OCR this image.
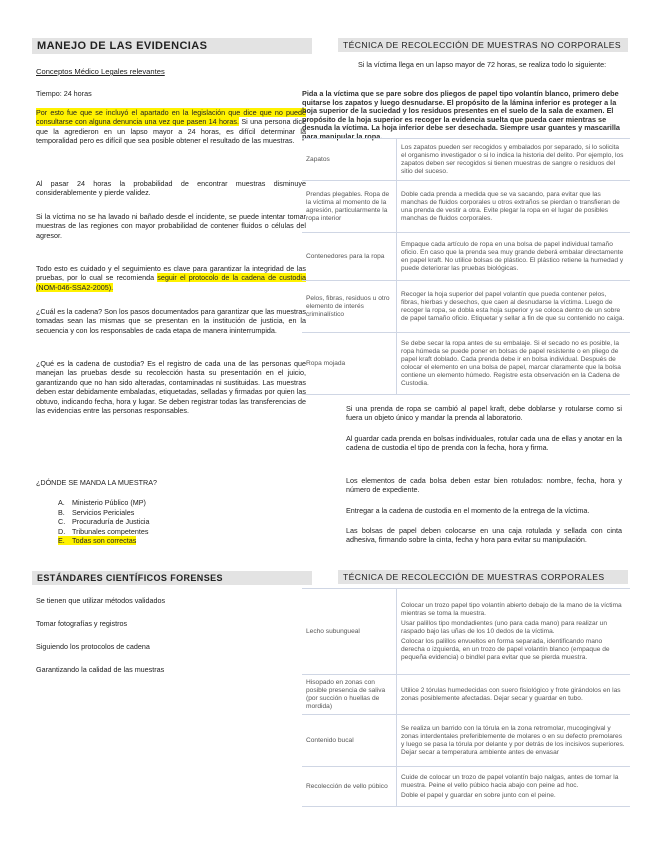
MANEJO DE LAS EVIDENCIAS
Conceptos Médico Legales relevantes
Tiempo: 24 horas
Por esto fue que se incluyó el apartado en la legislación que dice que no puede consultarse con alguna denuncia una vez que pasen 14 horas. Si una persona dice que la agredieron en un lapso mayor a 24 horas, es difícil determinar la temporalidad pero es difícil que sea posible obtener el resultado de las muestras.
Al pasar 24 horas la probabilidad de encontrar muestras disminuye considerablemente y pierde validez.
Si la víctima no se ha lavado ni bañado desde el incidente, se puede intentar tomar muestras de las regiones con mayor probabilidad de contener fluidos o células del agresor.
Todo esto es cuidado y el seguimiento es clave para garantizar la integridad de las pruebas, por lo cual se recomienda seguir el protocolo de la cadena de custodia (NOM-046-SSA2-2005).
¿Cuál es la cadena? Son los pasos documentados para garantizar que las muestras tomadas sean las mismas que se presentan en la institución de justicia, en la secuencia y con los responsables de cada etapa de manera ininterrumpida.
¿Qué es la cadena de custodia? Es el registro de cada una de las personas que manejan las pruebas desde su recolección hasta su presentación en el juicio, garantizando que no han sido alteradas, contaminadas ni sustituidas. Las muestras deben estar debidamente embaladas, etiquetadas, selladas y firmadas por quien las obtuvo, indicando fecha, hora y lugar. Se deben registrar todas las transferencias de las evidencias entre las personas responsables.
¿DÓNDE SE MANDA LA MUESTRA?
A. Ministerio Público (MP)
B. Servicios Periciales
C. Procuraduría de Justicia
D. Tribunales competentes
E. Todas son correctas
ESTÁNDARES CIENTÍFICOS FORENSES
Se tienen que utilizar métodos validados
Tomar fotografías y registros
Siguiendo los protocolos de cadena
Garantizando la calidad de las muestras
TÉCNICA DE RECOLECCIÓN DE MUESTRAS NO CORPORALES
Si la víctima llega en un lapso mayor de 72 horas, se realiza todo lo siguiente:
Pida a la víctima que se pare sobre dos pliegos de papel tipo volantín blanco, primero debe quitarse los zapatos y luego desnudarse. El propósito de la lámina inferior es proteger a la hoja superior de la suciedad y los residuos presentes en el suelo de la sala de examen. El propósito de la hoja superior es recoger la evidencia suelta que pueda caer mientras se desnuda la víctima. La hoja inferior debe ser desechada. Siempre usar guantes y mascarilla para manipular la ropa.
Zapatos	Los zapatos pueden ser recogidos y embalados por separado, si lo solicita el organismo investigador o si lo indica la historia del delito. Por ejemplo, los zapatos deben ser recogidos si tienen muestras de sangre o residuos del sitio del suceso.

Prendas plegables. Ropa de la víctima al momento de la agresión, particularmente la ropa interior	Doble cada prenda a medida que se va sacando, para evitar que las manchas de fluidos corporales u otros extraños se pierdan o transfieran de una prenda de vestir a otra. Evite plegar la ropa en el lugar de posibles manchas de fluidos corporales.

Contenedores para la ropa	Empaque cada artículo de ropa en una bolsa de papel individual tamaño oficio. En caso que la prenda sea muy grande deberá embalar directamente en papel kraft. No utilice bolsas de plástico. El plástico retiene la humedad y puede deteriorar las pruebas biológicas.

Pelos, fibras, residuos u otro elemento de interés criminalístico	Recoger la hoja superior del papel volantín que pueda contener pelos, fibras, hierbas y desechos, que caen al desnudarse la víctima. Luego de recoger la ropa, se dobla esta hoja superior y se coloca dentro de un sobre de papel tamaño oficio. Etiquetar y sellar a fin de que su contenido no caiga.

Ropa mojada	Se debe secar la ropa antes de su embalaje. Si el secado no es posible, la ropa húmeda se puede poner en bolsas de papel resistente o en pliego de papel kraft doblado. Cada prenda debe ir en bolsa individual. Después de colocar el elemento en una bolsa de papel, marcar claramente que la bolsa contiene un elemento húmedo. Registre esta observación en la Cadena de Custodia.

Si una prenda de ropa se cambió al papel kraft, debe doblarse y rotularse como si fuera un objeto único y mandar la prenda al laboratorio.
Al guardar cada prenda en bolsas individuales, rotular cada una de ellas y anotar en la cadena de custodia el tipo de prenda con la fecha, hora y firma.
Los elementos de cada bolsa deben estar bien rotulados: nombre, fecha, hora y número de expediente.
Entregar a la cadena de custodia en el momento de la entrega de la víctima.
Las bolsas de papel deben colocarse en una caja rotulada y sellada con cinta adhesiva, firmando sobre la cinta, fecha y hora para evitar su manipulación.
TÉCNICA DE RECOLECCIÓN DE MUESTRAS CORPORALES
Lecho subungueal	Colocar un trozo papel tipo volantín abierto debajo de la mano de la víctima mientras se toma la muestra.

Usar palillos tipo mondadientes (uno para cada mano) para realizar un raspado bajo las uñas de los 10 dedos de la víctima.

Colocar los palillos envueltos en forma separada, identificando mano derecha o izquierda, en un trozo de papel volantín blanco (empaque de pequeña evidencia) o bindlel para evitar que se pierda muestra.

Hisopado en zonas con posible presencia de saliva (por succión o huellas de mordida)	Utilice 2 tórulas humedecidas con suero fisiológico y frote girándolos en las zonas posiblemente afectadas. Dejar secar y guardar en tubo.

Contenido bucal	Se realiza un barrido con la tórula en la zona retromolar, mucogingival y zonas interdentales preferiblemente de molares o en su defecto premolares y luego se pasa la tórula por delante y por detrás de los incisivos superiores. Dejar secar a temperatura ambiente antes de envasar

Recolección de vello púbico	Cuide de colocar un trozo de papel volantín bajo nalgas, antes de tomar la muestra. Peine el vello púbico hacia abajo con peine ad hoc.

Doble el papel y guardar en sobre junto con el peine.
